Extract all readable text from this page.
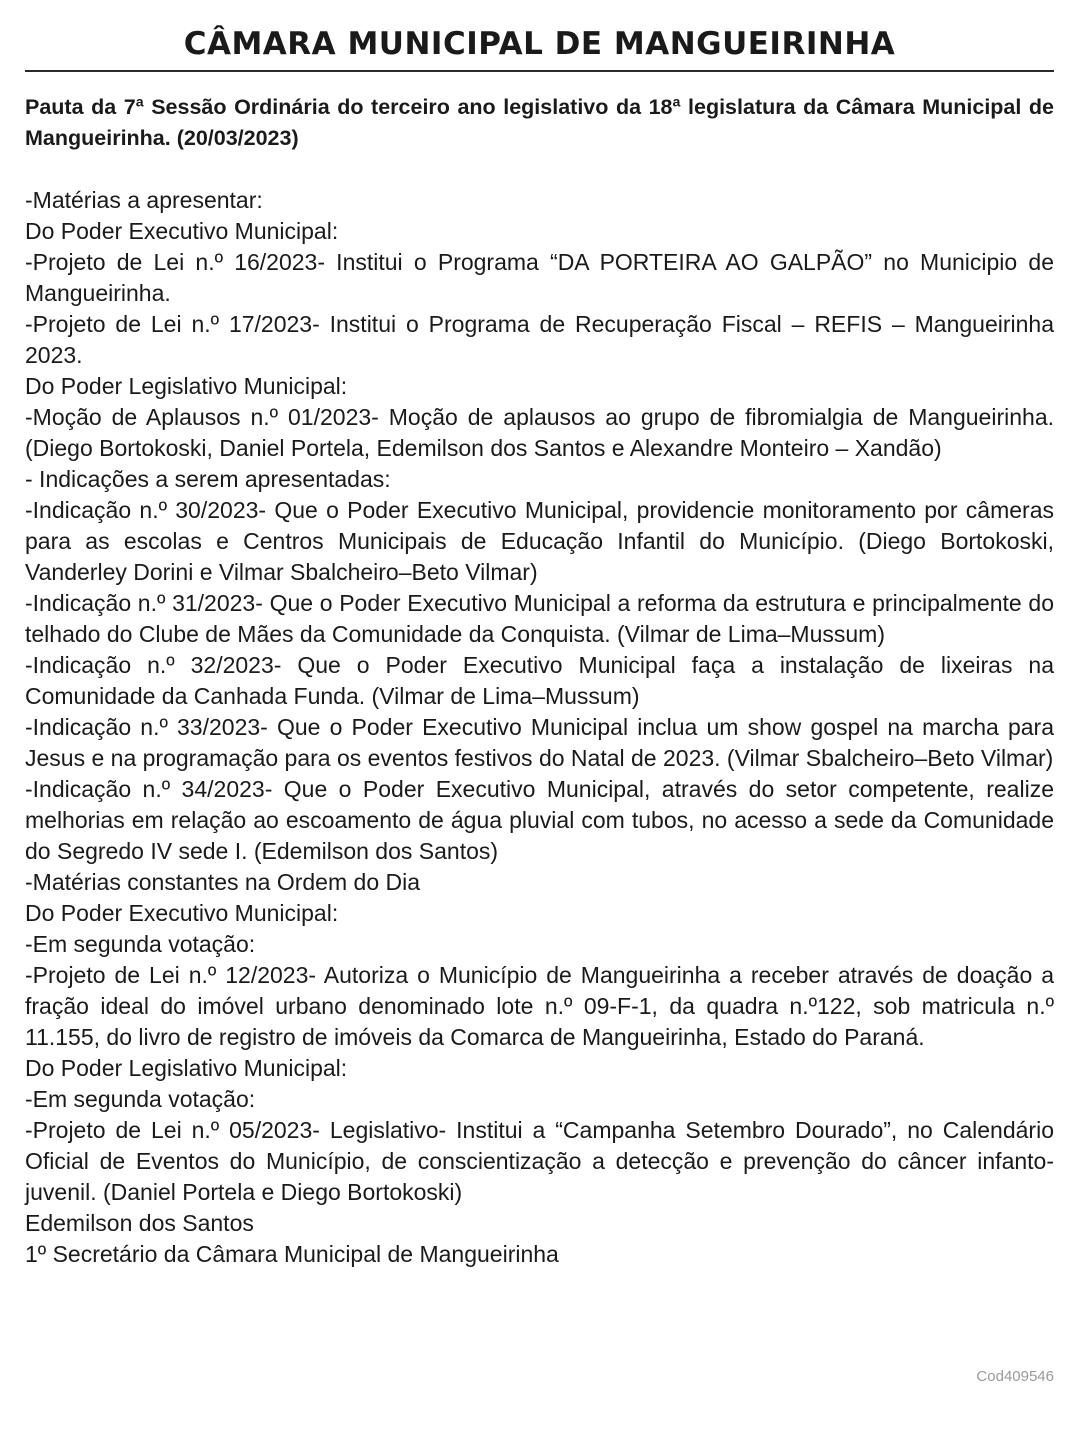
CÂMARA MUNICIPAL DE MANGUEIRINHA

Pauta da 7ª Sessão Ordinária do terceiro ano legislativo da 18ª legislatura da Câmara Municipal de Mangueirinha. (20/03/2023)

-Matérias a apresentar:

Do Poder Executivo Municipal:

-Projeto de Lei n.º 16/2023- Institui o Programa “DA PORTEIRA AO GALPÃO” no Municipio de Mangueirinha.

-Projeto de Lei n.º 17/2023- Institui o Programa de Recuperação Fiscal – REFIS – Mangueirinha 2023.

Do Poder Legislativo Municipal:

-Moção de Aplausos n.º 01/2023- Moção de aplausos ao grupo de fibromialgia de Mangueirinha. (Diego Bortokoski, Daniel Portela, Edemilson dos Santos e Alexandre Monteiro – Xandão)

- Indicações a serem apresentadas:

-Indicação n.º 30/2023- Que o Poder Executivo Municipal, providencie monitoramento por câmeras para as escolas e Centros Municipais de Educação Infantil do Município. (Diego Bortokoski, Vanderley Dorini e Vilmar Sbalcheiro–Beto Vilmar)

-Indicação n.º 31/2023- Que o Poder Executivo Municipal a reforma da estrutura e principalmente do telhado do Clube de Mães da Comunidade da Conquista. (Vilmar de Lima–Mussum)

-Indicação n.º 32/2023- Que o Poder Executivo Municipal faça a instalação de lixeiras na Comunidade da Canhada Funda. (Vilmar de Lima–Mussum)

-Indicação n.º 33/2023- Que o Poder Executivo Municipal inclua um show gospel na marcha para Jesus e na programação para os eventos festivos do Natal de 2023. (Vilmar Sbalcheiro–Beto Vilmar)

-Indicação n.º 34/2023- Que o Poder Executivo Municipal, através do setor competente, realize melhorias em relação ao escoamento de água pluvial com tubos, no acesso a sede da Comunidade do Segredo IV sede I. (Edemilson dos Santos)

-Matérias constantes na Ordem do Dia

Do Poder Executivo Municipal:

-Em segunda votação:

-Projeto de Lei n.º 12/2023- Autoriza o Município de Mangueirinha a receber através de doação a fração ideal do imóvel urbano denominado lote n.º 09-F-1, da quadra n.º122, sob matricula n.º 11.155, do livro de registro de imóveis da Comarca de Mangueirinha, Estado do Paraná.

Do Poder Legislativo Municipal:

-Em segunda votação:

-Projeto de Lei n.º 05/2023- Legislativo- Institui a “Campanha Setembro Dourado”, no Calendário Oficial de Eventos do Município, de conscientização a detecção e prevenção do câncer infanto-juvenil. (Daniel Portela e Diego Bortokoski)

Edemilson dos Santos

1º Secretário da Câmara Municipal de Mangueirinha

Cod409546
